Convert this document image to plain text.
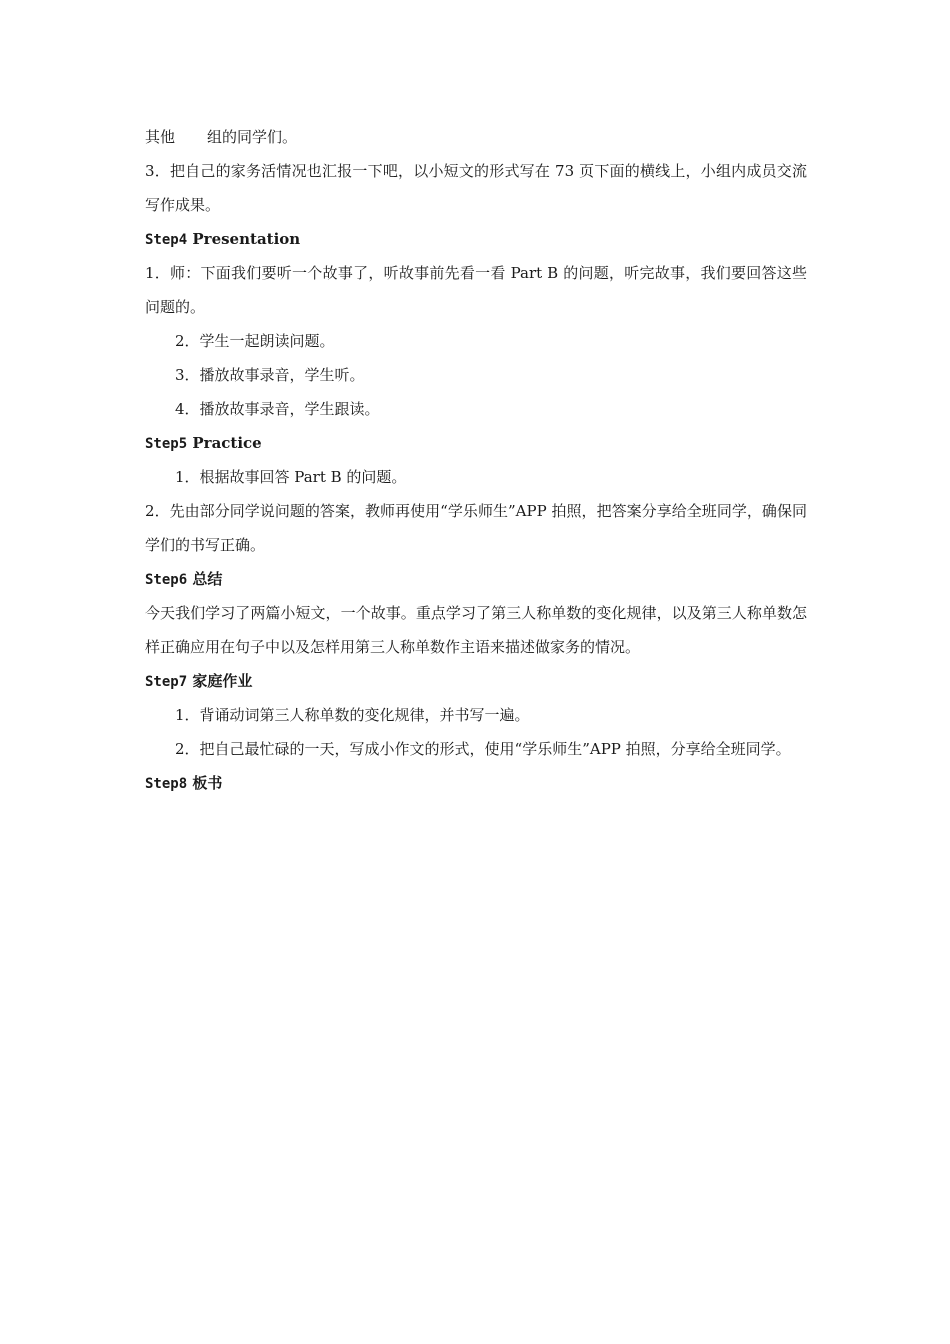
其他 组的同学们。
3．把自己的家务活情况也汇报一下吧，以小短文的形式写在 73 页下面的横线上，小组内成员交流写作成果。
Step4 Presentation
1．师：下面我们要听一个故事了，听故事前先看一看 Part B 的问题，听完故事，我们要回答这些问题的。
2．学生一起朗读问题。
3．播放故事录音，学生听。
4．播放故事录音，学生跟读。
Step5 Practice
1．根据故事回答 Part B 的问题。
2．先由部分同学说问题的答案，教师再使用“学乐师生”APP 拍照，把答案分享给全班同学，确保同学们的书写正确。
Step6 总结
今天我们学习了两篇小短文，一个故事。重点学习了第三人称单数的变化规律，以及第三人称单数怎样正确应用在句子中以及怎样用第三人称单数作主语来描述做家务的情况。
Step7 家庭作业
1．背诵动词第三人称单数的变化规律，并书写一遍。
2．把自己最忙碌的一天，写成小作文的形式，使用“学乐师生”APP 拍照，分享给全班同学。
Step8 板书
